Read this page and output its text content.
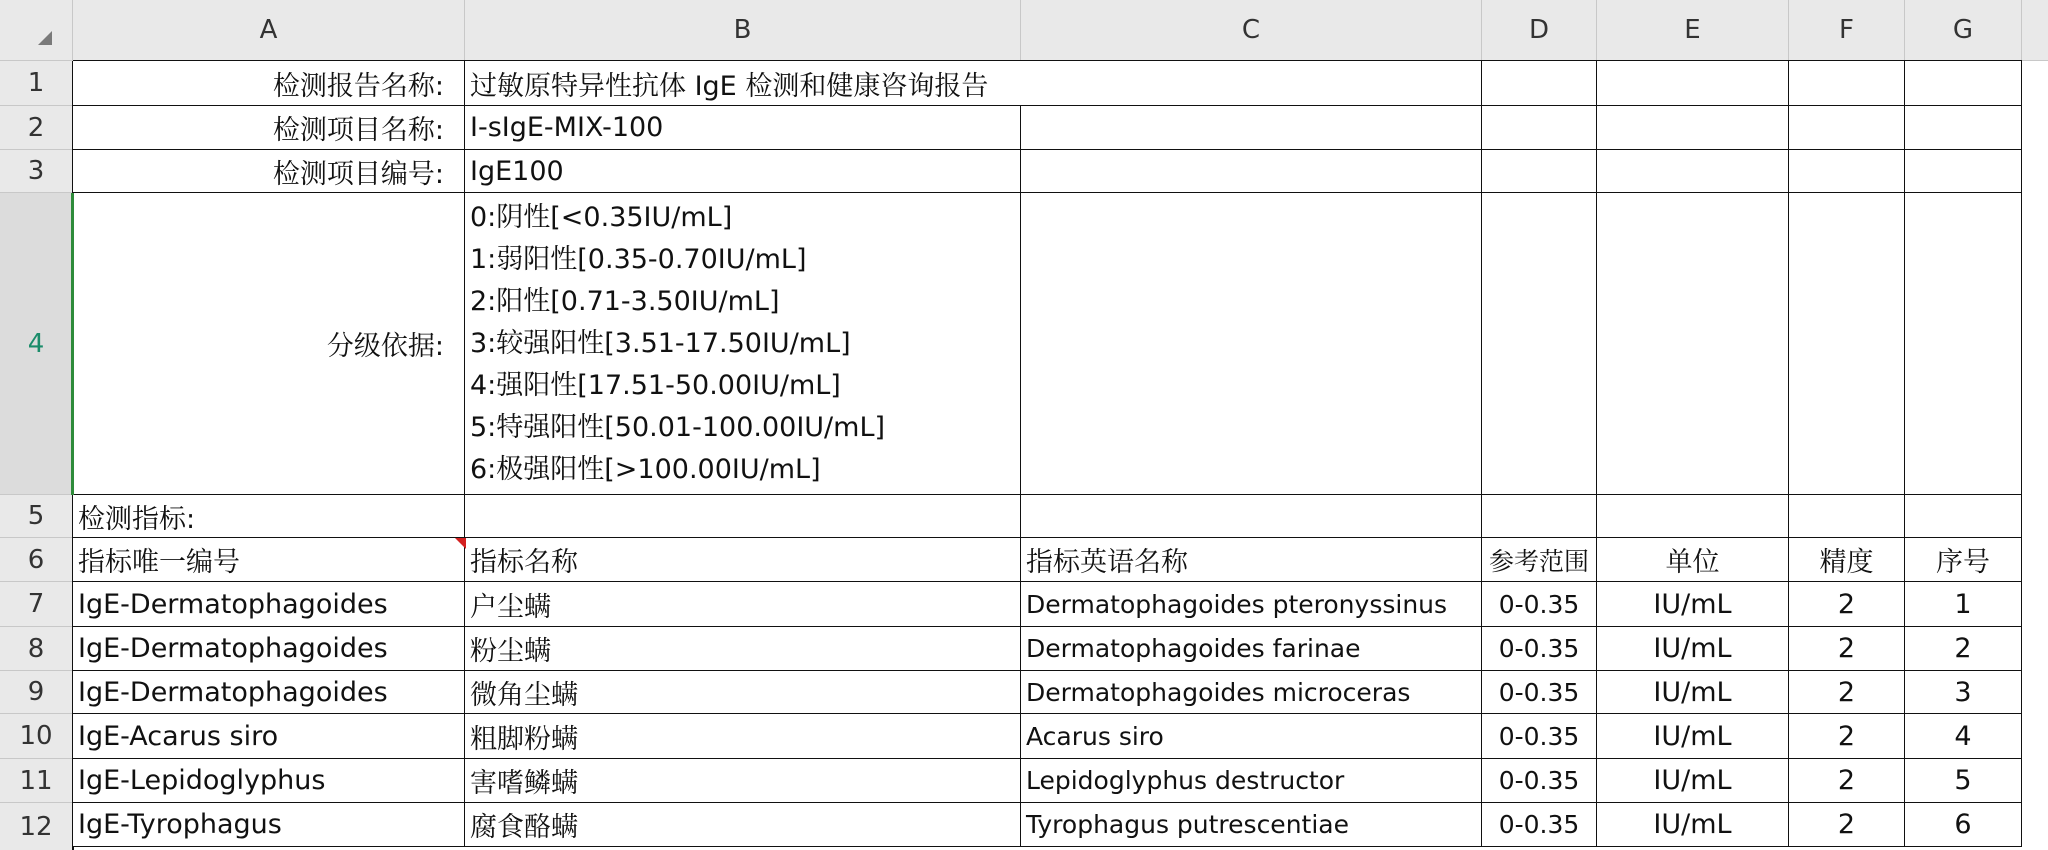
A	B	C	D	E	F	G
1
2
3
4
5
6
7
8
9
10
11
12
检测报告名称: 过敏原特异性抗体 IgE 检测和健康咨询报告
检测项目名称: I-sIgE-MIX-100
检测项目编号: IgE100
分级依据:
0:阴性[<0.35IU/mL]
1:弱阳性[0.35-0.70IU/mL]
2:阳性[0.71-3.50IU/mL]
3:较强阳性[3.51-17.50IU/mL]
4:强阳性[17.51-50.00IU/mL]
5:特强阳性[50.01-100.00IU/mL]
6:极强阳性[>100.00IU/mL]
检测指标:
指标唯一编号	指标名称	指标英语名称	参考范围	单位	精度	序号
IgE-Dermatophagoides	户尘螨	Dermatophagoides pteronyssinus	0-0.35	IU/mL	2	1
IgE-Dermatophagoides	粉尘螨	Dermatophagoides farinae	0-0.35	IU/mL	2	2
IgE-Dermatophagoides	微角尘螨	Dermatophagoides microceras	0-0.35	IU/mL	2	3
IgE-Acarus siro	粗脚粉螨	Acarus siro	0-0.35	IU/mL	2	4
IgE-Lepidoglyphus	害嗜鳞螨	Lepidoglyphus destructor	0-0.35	IU/mL	2	5
IgE-Tyrophagus	腐食酪螨	Tyrophagus putrescentiae	0-0.35	IU/mL	2	6
